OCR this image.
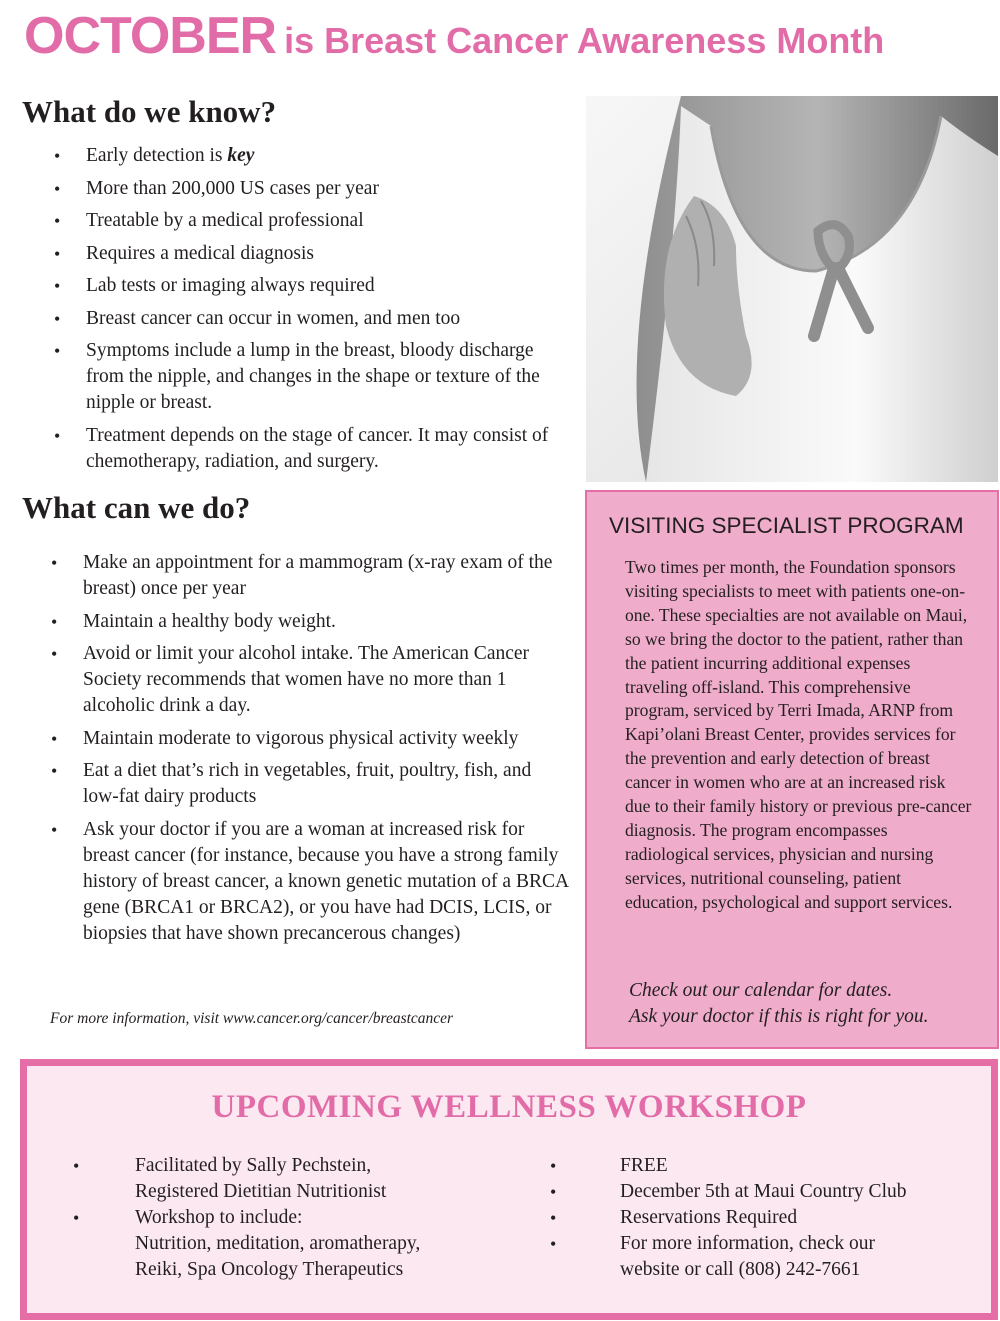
OCTOBER is Breast Cancer Awareness Month
What do we know?
• Early detection is key
• More than 200,000 US cases per year
• Treatable by a medical professional
• Requires a medical diagnosis
• Lab tests or imaging always required
• Breast cancer can occur in women, and men too
• Symptoms include a lump in the breast, bloody discharge from the nipple, and changes in the shape or texture of the nipple or breast.
• Treatment depends on the stage of cancer. It may consist of chemotherapy, radiation, and surgery.
What can we do?
• Make an appointment for a mammogram (x-ray exam of the breast) once per year
• Maintain a healthy body weight.
• Avoid or limit your alcohol intake. The American Cancer Society recommends that women have no more than 1 alcoholic drink a day.
• Maintain moderate to vigorous physical activity weekly
• Eat a diet that’s rich in vegetables, fruit, poultry, fish, and low-fat dairy products
• Ask your doctor if you are a woman at increased risk for breast cancer (for instance, because you have a strong family history of breast cancer, a known genetic mutation of a BRCA gene (BRCA1 or BRCA2), or you have had DCIS, LCIS, or biopsies that have shown precancerous changes)
For more information, visit www.cancer.org/cancer/breastcancer
VISITING SPECIALIST PROGRAM
Two times per month, the Foundation sponsors visiting specialists to meet with patients one-on-one. These specialties are not available on Maui, so we bring the doctor to the patient, rather than the patient incurring additional expenses traveling off-island. This comprehensive program, serviced by Terri Imada, ARNP from Kapi’olani Breast Center, provides services for the prevention and early detection of breast cancer in women who are at an increased risk due to their family history or previous pre-cancer diagnosis. The program encompasses radiological services, physician and nursing services, nutritional counseling, patient education, psychological and support services.
Check out our calendar for dates.
Ask your doctor if this is right for you.
UPCOMING WELLNESS WORKSHOP
• Facilitated by Sally Pechstein,
Registered Dietitian Nutritionist
• Workshop to include:
Nutrition, meditation, aromatherapy,
Reiki, Spa Oncology Therapeutics
• FREE
• December 5th at Maui Country Club
• Reservations Required
• For more information, check our
website or call (808) 242-7661
